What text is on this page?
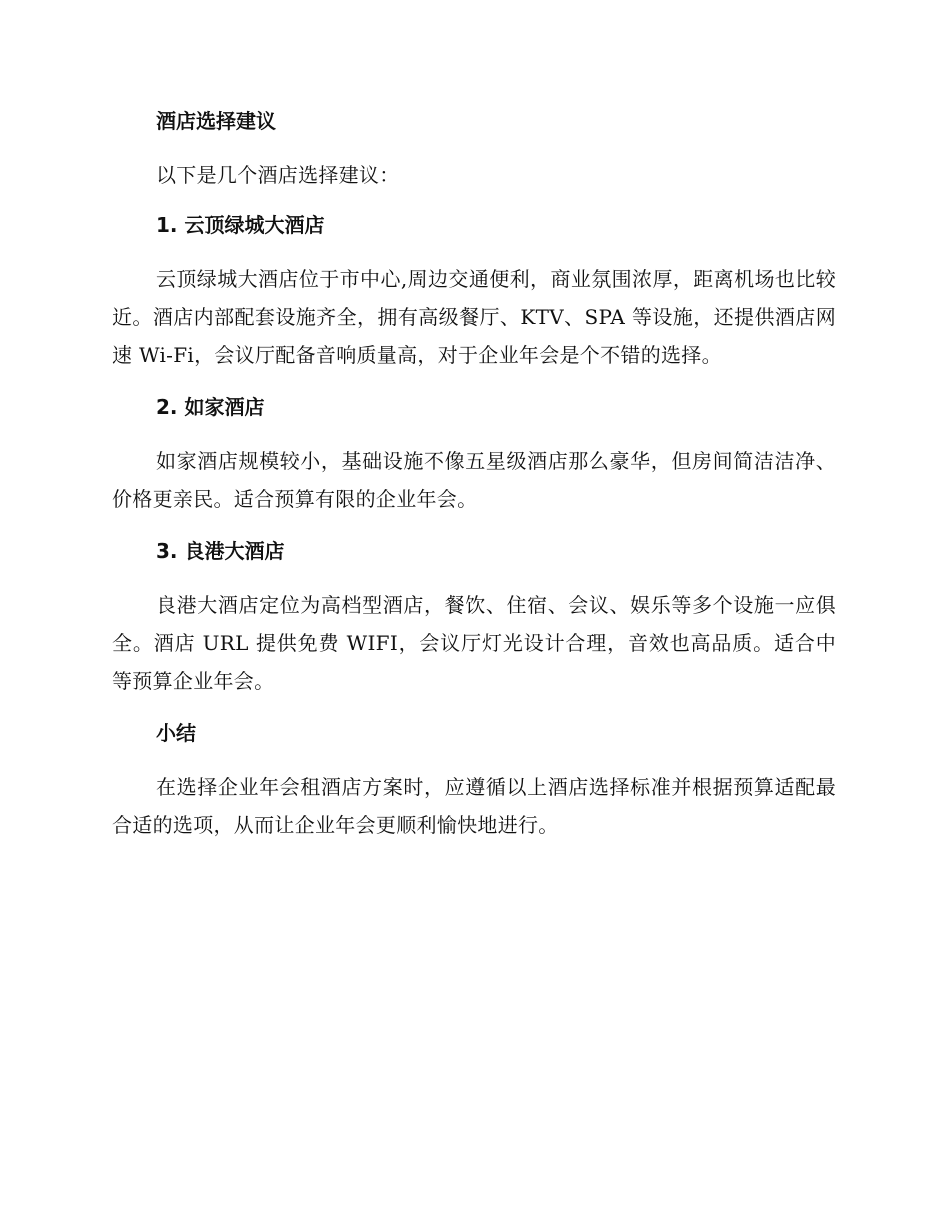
酒店选择建议

以下是几个酒店选择建议：

1. 云顶绿城大酒店

云顶绿城大酒店位于市中心,周边交通便利，商业氛围浓厚，距离机场也比较近。酒店内部配套设施齐全，拥有高级餐厅、KTV、SPA 等设施，还提供酒店网速 Wi-Fi，会议厅配备音响质量高，对于企业年会是个不错的选择。

2. 如家酒店

如家酒店规模较小，基础设施不像五星级酒店那么豪华，但房间简洁洁净、价格更亲民。适合预算有限的企业年会。

3. 良港大酒店

良港大酒店定位为高档型酒店，餐饮、住宿、会议、娱乐等多个设施一应俱全。酒店 URL 提供免费 WIFI，会议厅灯光设计合理，音效也高品质。适合中等预算企业年会。

小结

在选择企业年会租酒店方案时，应遵循以上酒店选择标准并根据预算适配最合适的选项，从而让企业年会更顺利愉快地进行。
